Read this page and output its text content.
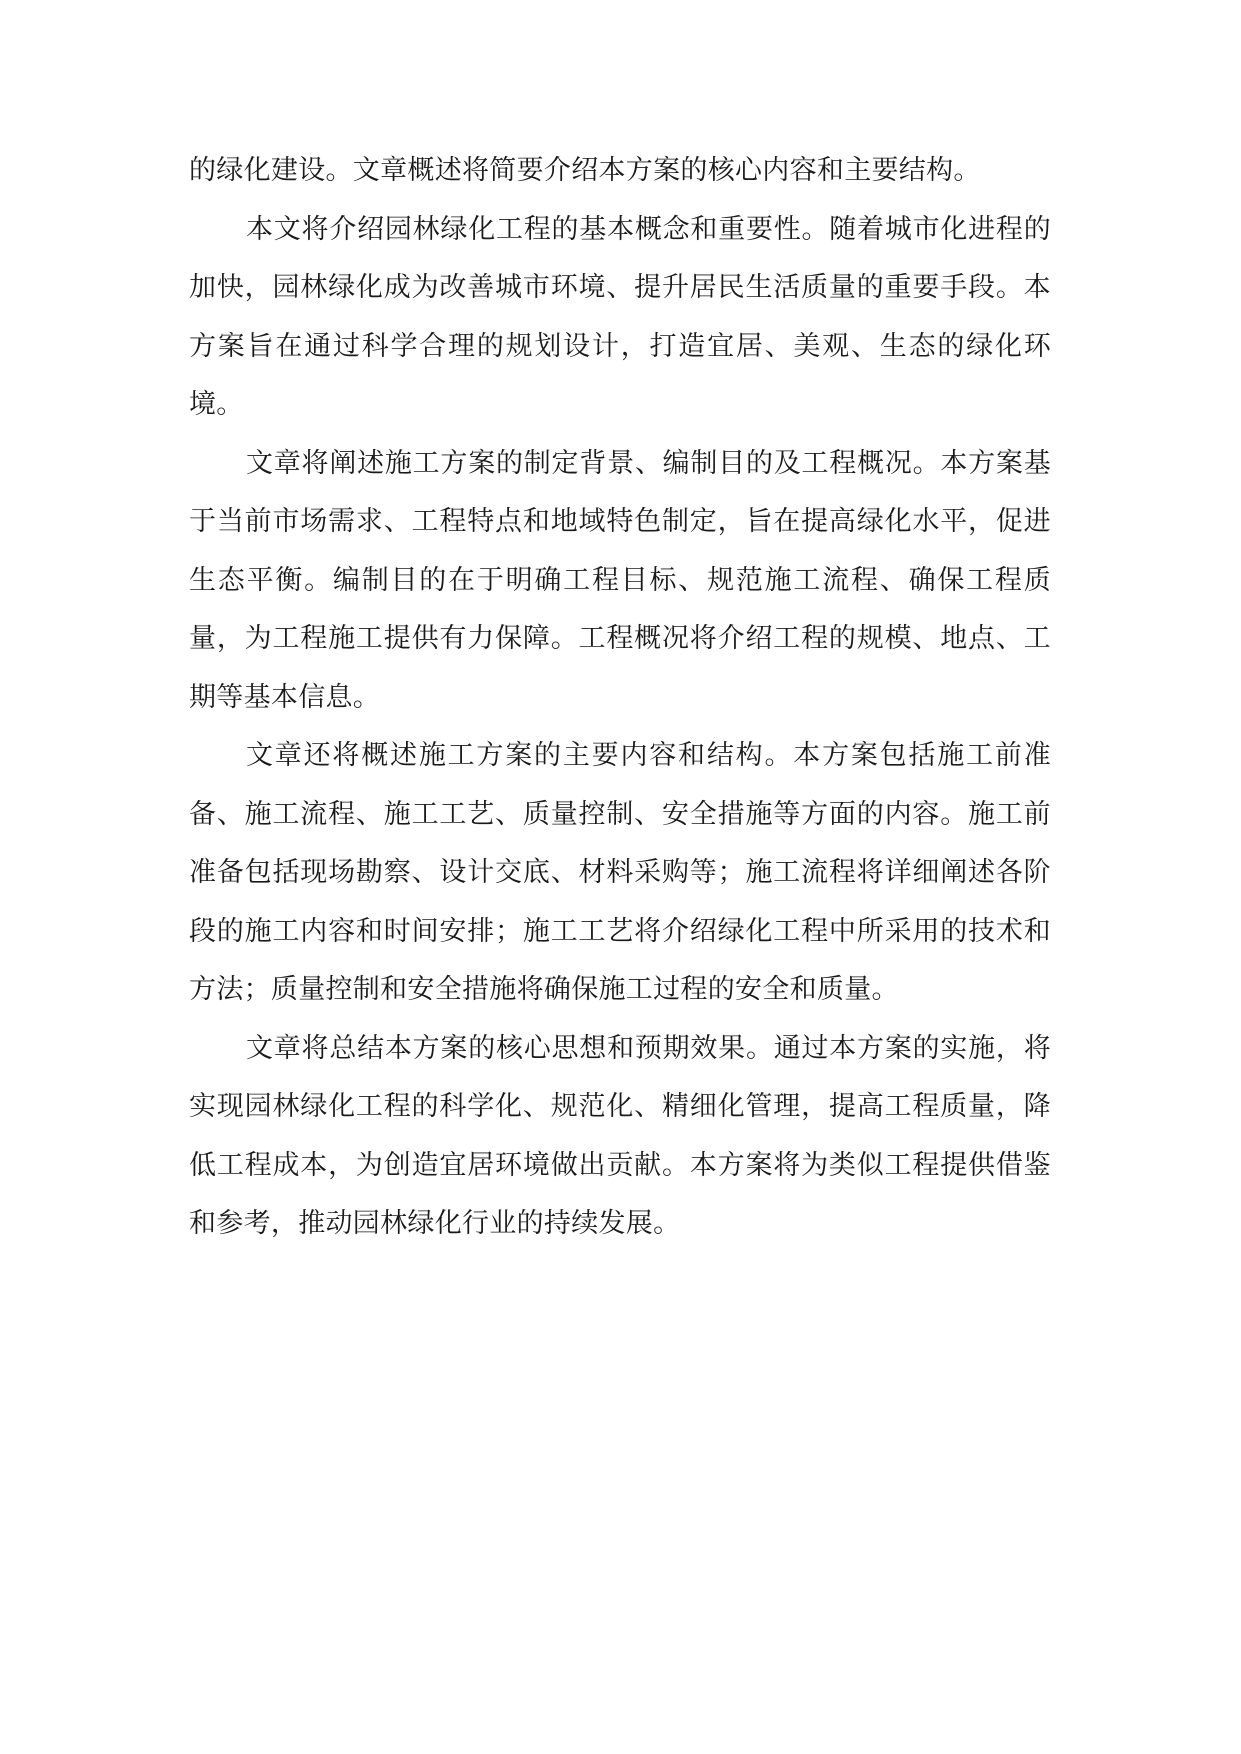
的绿化建设。文章概述将简要介绍本方案的核心内容和主要结构。

本文将介绍园林绿化工程的基本概念和重要性。随着城市化进程的加快，园林绿化成为改善城市环境、提升居民生活质量的重要手段。本方案旨在通过科学合理的规划设计，打造宜居、美观、生态的绿化环境。

文章将阐述施工方案的制定背景、编制目的及工程概况。本方案基于当前市场需求、工程特点和地域特色制定，旨在提高绿化水平，促进生态平衡。编制目的在于明确工程目标、规范施工流程、确保工程质量，为工程施工提供有力保障。工程概况将介绍工程的规模、地点、工期等基本信息。

文章还将概述施工方案的主要内容和结构。本方案包括施工前准备、施工流程、施工工艺、质量控制、安全措施等方面的内容。施工前准备包括现场勘察、设计交底、材料采购等；施工流程将详细阐述各阶段的施工内容和时间安排；施工工艺将介绍绿化工程中所采用的技术和方法；质量控制和安全措施将确保施工过程的安全和质量。

文章将总结本方案的核心思想和预期效果。通过本方案的实施，将实现园林绿化工程的科学化、规范化、精细化管理，提高工程质量，降低工程成本，为创造宜居环境做出贡献。本方案将为类似工程提供借鉴和参考，推动园林绿化行业的持续发展。
